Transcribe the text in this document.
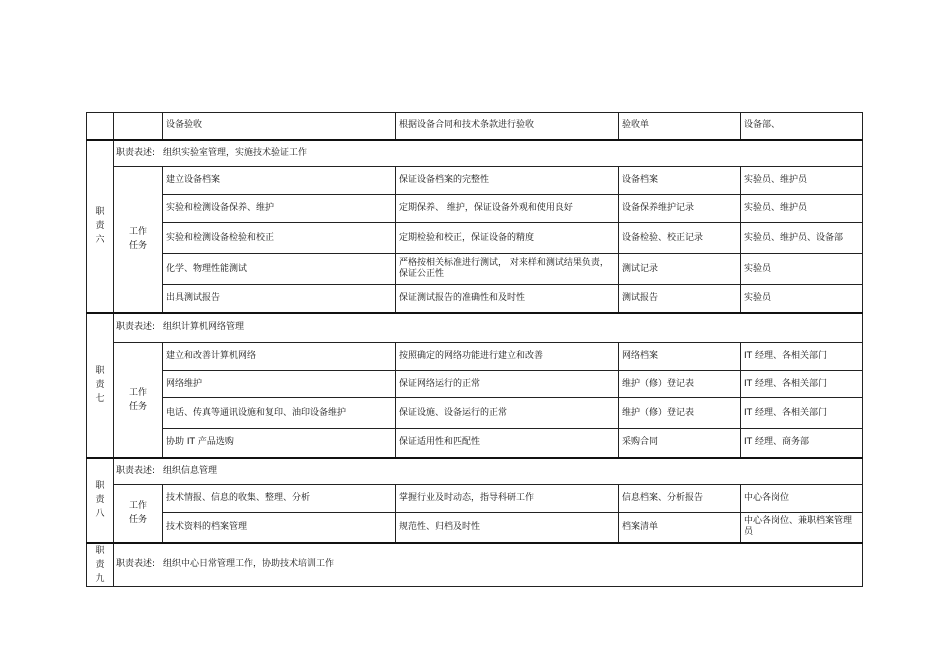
		设备验收	根据设备合同和技术条款进行验收	验收单	设备部、
职责六	职责表述: 组织实验室管理，实施技术验证工作				
	工作任务	建立设备档案	保证设备档案的完整性	设备档案	实验员、维护员
		实验和检测设备保养、维护	定期保养、 维护，保证设备外观和使用良好	设备保养维护记录	实验员、维护员
		实验和检测设备检验和校正	定期检验和校正，保证设备的精度	设备检验、校正记录	实验员、维护员、设备部
		化学、物理性能测试	严格按相关标准进行测试， 对来样和测试结果负责，保证公正性	测试记录	实验员
		出具测试报告	保证测试报告的准确性和及时性	测试报告	实验员
职责七	职责表述: 组织计算机网络管理				
	工作任务	建立和改善计算机网络	按照确定的网络功能进行建立和改善	网络档案	IT 经理、各相关部门
		网络维护	保证网络运行的正常	维护（修）登记表	IT 经理、各相关部门
		电话、传真等通讯设施和复印、油印设备维护	保证设施、设备运行的正常	维护（修）登记表	IT 经理、各相关部门
		协助 IT 产品选购	保证适用性和匹配性	采购合同	IT 经理、商务部
职责八	职责表述: 组织信息管理				
	工作任务	技术情报、信息的收集、整理、分析	掌握行业及时动态，指导科研工作	信息档案、分析报告	中心各岗位
		技术资料的档案管理	规范性、归档及时性	档案清单	中心各岗位、兼职档案管理员
职责九	职责表述: 组织中心日常管理工作，协助技术培训工作				
